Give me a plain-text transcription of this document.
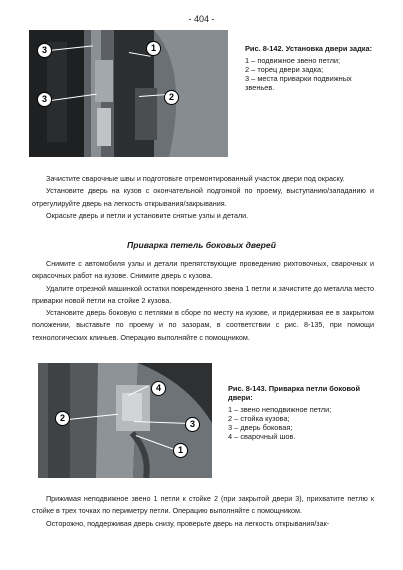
- 404 -
3	1
3	2
Рис. 8-142. Установка двери задка:
1 – подвижное звено петли;
2 – торец двери задка;
3 – места приварки подвижных звеньев.

Зачистите сварочные швы и подготовьте отремонтированный участок двери под окраску.

Установите дверь на кузов с окончательной подгонкой по проему, выступанию/западанию и отрегулируйте дверь на легкость открывания/закрывания.

Окрасьте дверь и петли и установите снятые узлы и детали.

Приварка петель боковых дверей

Снимите с автомобиля узлы и детали препятствующие проведению рихтовочных, сварочных и окрасочных работ на кузове. Снимите дверь с кузова.

Удалите отрезной машинкой остатки поврежденного звена 1 петли и зачистите до металла место приварки новой петли на стойке 2 кузова.

Установите дверь боковую с петлями в сборе по месту на кузове, и придерживая ее в закрытом положении, выставьте по проему и по зазорам, в соответствии с рис. 8-135, при помощи технологических клиньев. Операцию выполняйте с помощником.

4
2
3
1
Рис. 8-143. Приварка петли боковой двери:
1 – звено неподвижное петли;
2 – стойка кузова;
3 – дверь боковая;
4 – сварочный шов.

Прижимая неподвижное звено 1 петли к стойке 2 (при закрытой двери 3), прихватите петлю к стойке в трех точках по периметру петли. Операцию выполняйте с помощником.

Осторожно, поддерживая дверь снизу, проверьте дверь на легкость открывания/зак-
